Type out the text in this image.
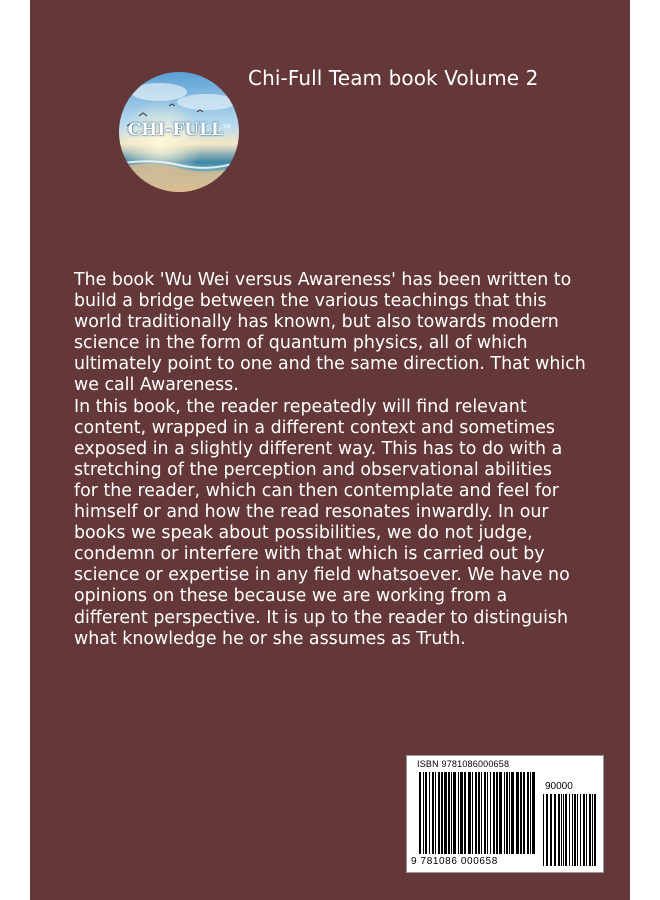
CHI-FULL™
Chi-Full Team book Volume 2

The book 'Wu Wei versus Awareness' has been written to

build a bridge between the various teachings that this

world traditionally has known, but also towards modern

science in the form of quantum physics, all of which

ultimately point to one and the same direction. That which

we call Awareness.

In this book, the reader repeatedly will find relevant

content, wrapped in a different context and sometimes

exposed in a slightly different way. This has to do with a

stretching of the perception and observational abilities

for the reader, which can then contemplate and feel for

himself or and how the read resonates inwardly. In our

books we speak about possibilities, we do not judge,

condemn or interfere with that which is carried out by

science or expertise in any field whatsoever. We have no

opinions on these because we are working from a

different perspective. It is up to the reader to distinguish

what knowledge he or she assumes as Truth.

ISBN 9781086000658
90000
9 781086 000658
